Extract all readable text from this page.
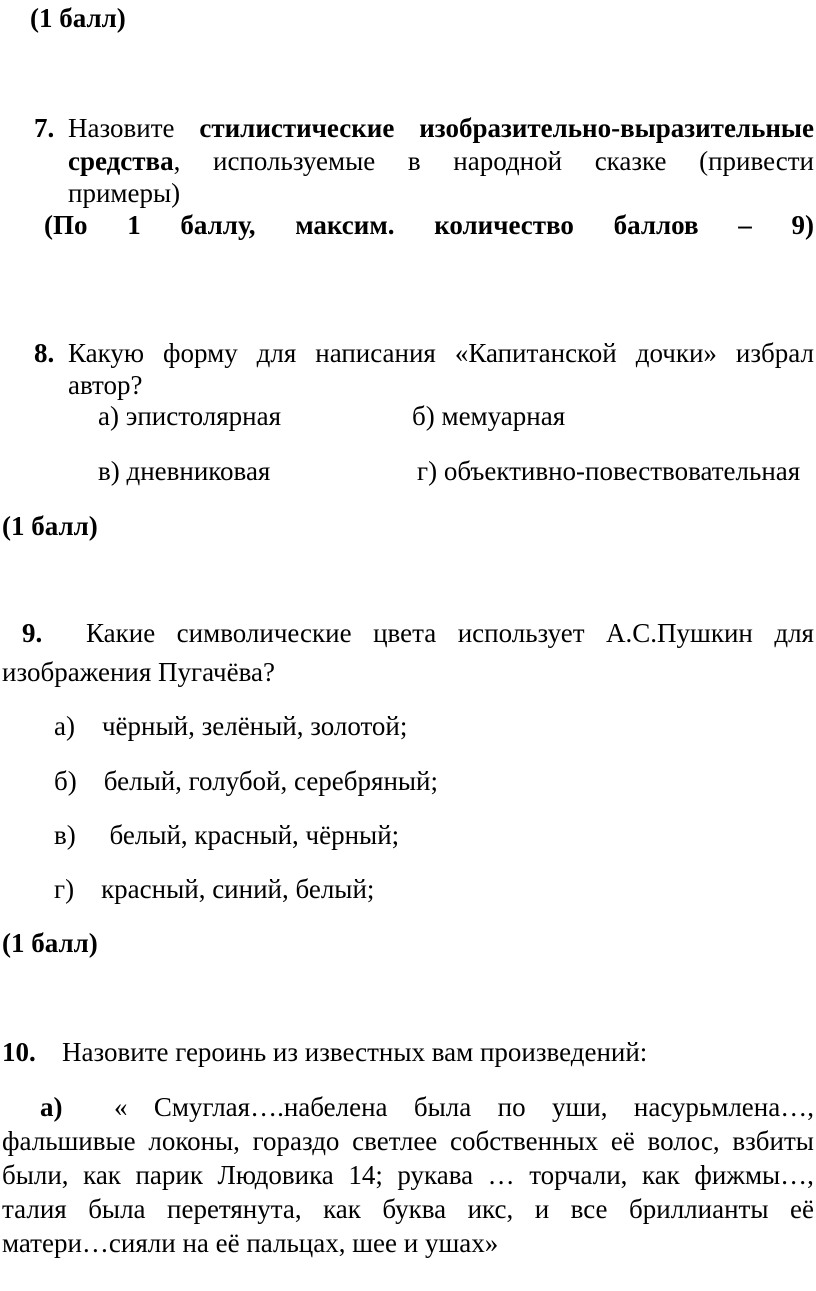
(1 балл)
7. Назовите стилистические изобразительно-выразительные
средства, используемые в народной сказке (привести
примеры)
(По 1 баллу, максим. количество баллов – 9)
8. Какую форму для написания «Капитанской дочки» избрал
автор?
а) эпистолярная	б) мемуарная
в) дневниковая	г) объективно-повествовательная
(1 балл)
9. Какие символические цвета использует А.С.Пушкин для
изображения Пугачёва?
а)    чёрный, зелёный, золотой;
б)    белый, голубой, серебряный;
в)     белый, красный, чёрный;
г)    красный, синий, белый;
(1 балл)
10. Назовите героинь из известных вам произведений:
а) « Смуглая….набелена была по уши, насурьмлена…,
фальшивые локоны, гораздо светлее собственных её волос, взбиты
были, как парик Людовика 14; рукава … торчали, как фижмы…,
талия была перетянута, как буква икс, и все бриллианты её
матери…сияли на её пальцах, шее и ушах»
